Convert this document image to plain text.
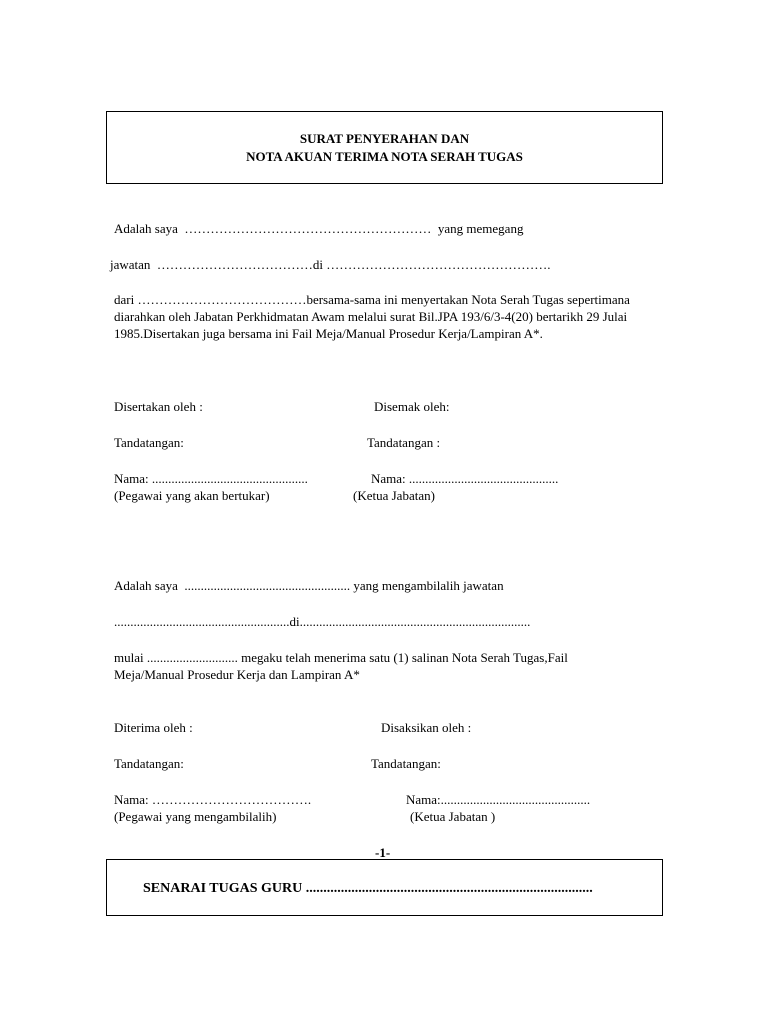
SURAT PENYERAHAN DAN
NOTA AKUAN TERIMA NOTA SERAH TUGAS
Adalah saya ………………………………………………… yang memegang
jawatan ………………………………di …………………………………………….
dari …………………………………bersama-sama ini menyertakan Nota Serah Tugas sepertimana diarahkan oleh Jabatan Perkhidmatan Awam melalui surat Bil.JPA 193/6/3-4(20) bertarikh 29 Julai 1985.Disertakan juga bersama ini Fail Meja/Manual Prosedur Kerja/Lampiran A*.
Disertakan oleh :	Disemak oleh:
Tandatangan:	Tandatangan :
Nama: ................................................	Nama: ..............................................
(Pegawai yang akan bertukar)	(Ketua Jabatan)
Adalah saya ................................................... yang mengambilalih jawatan
......................................................di.......................................................................
mulai ............................ megaku telah menerima satu (1) salinan Nota Serah Tugas,Fail Meja/Manual Prosedur Kerja dan Lampiran A*
Diterima oleh :	Disaksikan oleh :
Tandatangan:	Tandatangan:
Nama: ……………………………….	Nama:..............................................
(Pegawai yang mengambilalih)	(Ketua Jabatan )
-1-
SENARAI TUGAS GURU ..................................................................................
